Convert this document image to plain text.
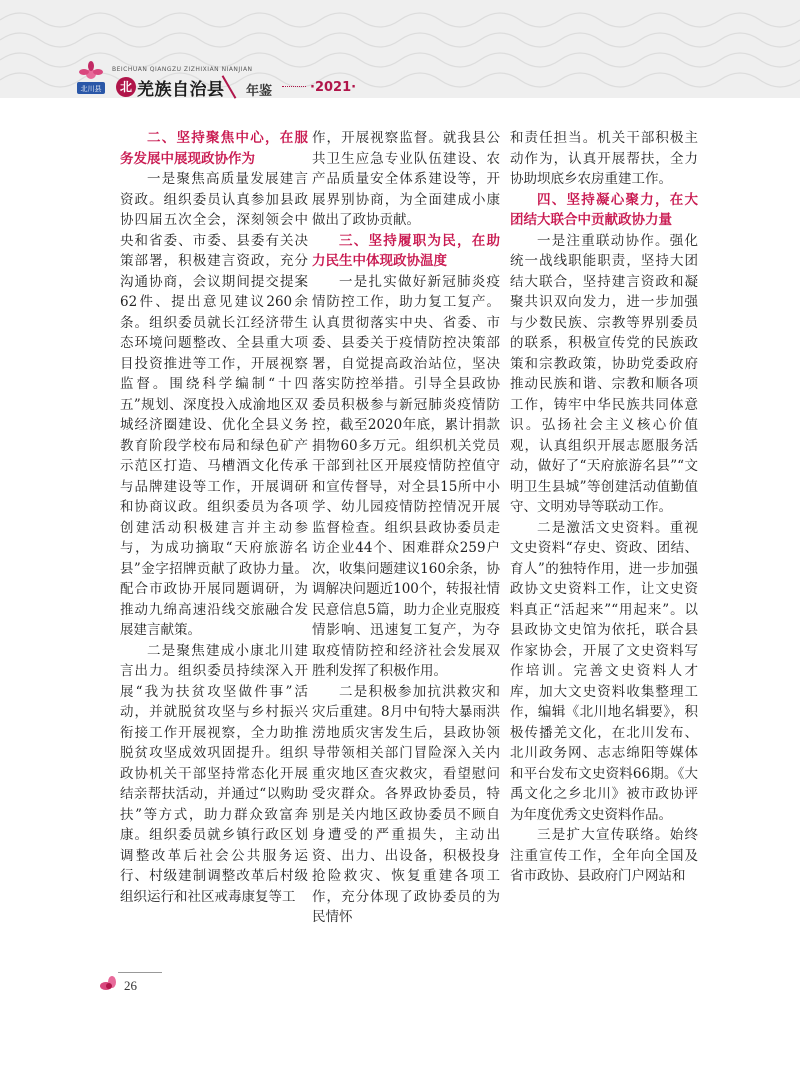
北川县
BEICHUAN QIANGZU ZIZHIXIAN NIANJIAN
北川
羌族自治县 年鉴	·2021·
二、坚持聚焦中心，在服务发展中展现政协作为

一是聚焦高质量发展建言资政。组织委员认真参加县政协四届五次全会，深刻领会中央和省委、市委、县委有关决策部署，积极建言资政，充分沟通协商，会议期间提交提案62件、提出意见建议260余条。组织委员就长江经济带生态环境问题整改、全县重大项目投资推进等工作，开展视察监督。围绕科学编制“十四五”规划、深度投入成渝地区双城经济圈建设、优化全县义务教育阶段学校布局和绿色矿产示范区打造、马槽酒文化传承与品牌建设等工作，开展调研和协商议政。组织委员为各项创建活动积极建言并主动参与，为成功摘取“天府旅游名县”金字招牌贡献了政协力量。配合市政协开展同题调研，为推动九绵高速沿线交旅融合发展建言献策。

二是聚焦建成小康北川建言出力。组织委员持续深入开展“我为扶贫攻坚做件事”活动，并就脱贫攻坚与乡村振兴衔接工作开展视察，全力助推脱贫攻坚成效巩固提升。组织政协机关干部坚持常态化开展结亲帮扶活动，并通过“以购助扶”等方式，助力群众致富奔康。组织委员就乡镇行政区划调整改革后社会公共服务运行、村级建制调整改革后村级组织运行和社区戒毒康复等工

作，开展视察监督。就我县公共卫生应急专业队伍建设、农产品质量安全体系建设等，开展界别协商，为全面建成小康做出了政协贡献。

三、坚持履职为民，在助力民生中体现政协温度

一是扎实做好新冠肺炎疫情防控工作，助力复工复产。认真贯彻落实中央、省委、市委、县委关于疫情防控决策部署，自觉提高政治站位，坚决落实防控举措。引导全县政协委员积极参与新冠肺炎疫情防控，截至2020年底，累计捐款捐物60多万元。组织机关党员干部到社区开展疫情防控值守和宣传督导，对全县15所中小学、幼儿园疫情防控情况开展监督检查。组织县政协委员走访企业44个、困难群众259户次，收集问题建议160余条，协调解决问题近100个，转报社情民意信息5篇，助力企业克服疫情影响、迅速复工复产，为夺取疫情防控和经济社会发展双胜利发挥了积极作用。

二是积极参加抗洪救灾和灾后重建。8月中旬特大暴雨洪涝地质灾害发生后，县政协领导带领相关部门冒险深入关内重灾地区查灾救灾，看望慰问受灾群众。各界政协委员，特别是关内地区政协委员不顾自身遭受的严重损失，主动出资、出力、出设备，积极投身抢险救灾、恢复重建各项工作，充分体现了政协委员的为民情怀

和责任担当。机关干部积极主动作为，认真开展帮扶，全力协助坝底乡农房重建工作。

四、坚持凝心聚力，在大团结大联合中贡献政协力量

一是注重联动协作。强化统一战线职能职责，坚持大团结大联合，坚持建言资政和凝聚共识双向发力，进一步加强与少数民族、宗教等界别委员的联系，积极宣传党的民族政策和宗教政策，协助党委政府推动民族和谐、宗教和顺各项工作，铸牢中华民族共同体意识。弘扬社会主义核心价值观，认真组织开展志愿服务活动，做好了“天府旅游名县”“文明卫生县城”等创建活动值勤值守、文明劝导等联动工作。

二是激活文史资料。重视文史资料“存史、资政、团结、育人”的独特作用，进一步加强政协文史资料工作，让文史资料真正“活起来”“用起来”。以县政协文史馆为依托，联合县作家协会，开展了文史资料写作培训。完善文史资料人才库，加大文史资料收集整理工作，编辑《北川地名辑要》，积极传播羌文化，在北川发布、北川政务网、志志绵阳等媒体和平台发布文史资料66期。《大禹文化之乡北川》被市政协评为年度优秀文史资料作品。

三是扩大宣传联络。始终注重宣传工作，全年向全国及省市政协、县政府门户网站和

26
